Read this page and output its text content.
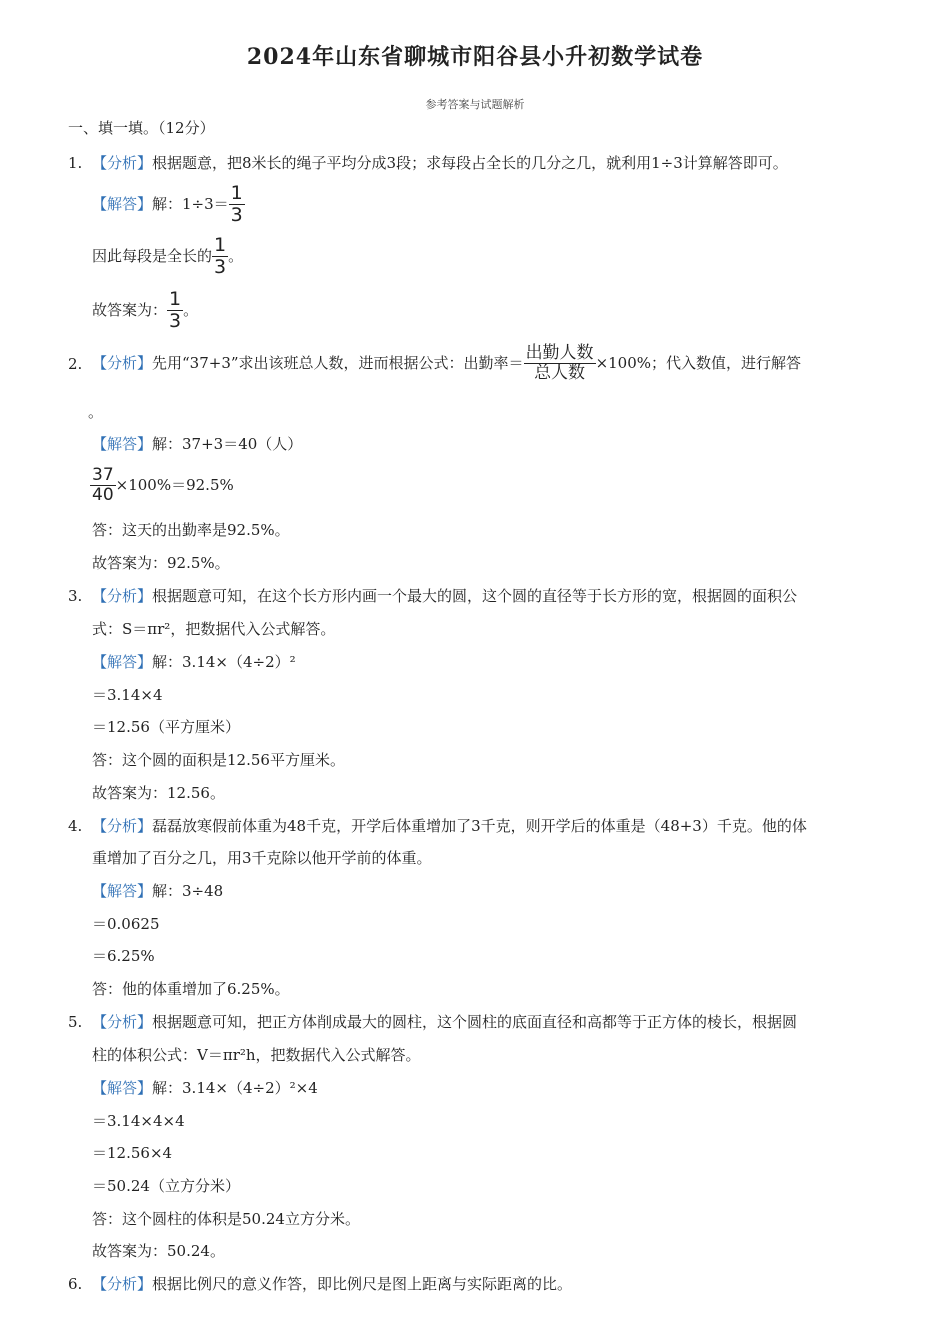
2024年山东省聊城市阳谷县小升初数学试卷
参考答案与试题解析
一、填一填。（12分）
1. 【分析】根据题意，把8米长的绳子平均分成3段；求每段占全长的几分之几，就利用1÷3计算解答即可。
【解答】 解：$1\div 3= \frac{1}{3}$
因此每段是全长的 $\frac{1}{3}$ 。
故答案为： $\frac{1}{3}$ 。
2. 【分析】 先用“37+3”求出该班总人数，进而根据公式：出勤率＝ $\frac{\text{出勤人数}}{\text{总人数}} \times 100\%$；代入数值，进行解答
。
【解答】解：37+3＝40（人）
$\frac{37}{40} \times 100\%=92.5\%$
答：这天的出勤率是92.5%。
故答案为：92.5%。
3. 【分析】根据题意可知，在这个长方形内画一个最大的圆，这个圆的直径等于长方形的宽，根据圆的面积公
式：S＝πr²，把数据代入公式解答。
【解答】解：3.14×（4÷2）²
＝3.14×4
＝12.56（平方厘米）
答：这个圆的面积是12.56平方厘米。
故答案为：12.56。
4. 【分析】磊磊放寒假前体重为48千克，开学后体重增加了3千克，则开学后的体重是（48+3）千克。他的体
重增加了百分之几，用3千克除以他开学前的体重。
【解答】解：3÷48
＝0.0625
＝6.25%
答：他的体重增加了6.25%。
5. 【分析】根据题意可知，把正方体削成最大的圆柱，这个圆柱的底面直径和高都等于正方体的棱长，根据圆
柱的体积公式：V＝πr²h，把数据代入公式解答。
【解答】解：3.14×（4÷2）²×4
＝3.14×4×4
＝12.56×4
＝50.24（立方分米）
答：这个圆柱的体积是50.24立方分米。
故答案为：50.24。
6. 【分析】根据比例尺的意义作答，即比例尺是图上距离与实际距离的比。
